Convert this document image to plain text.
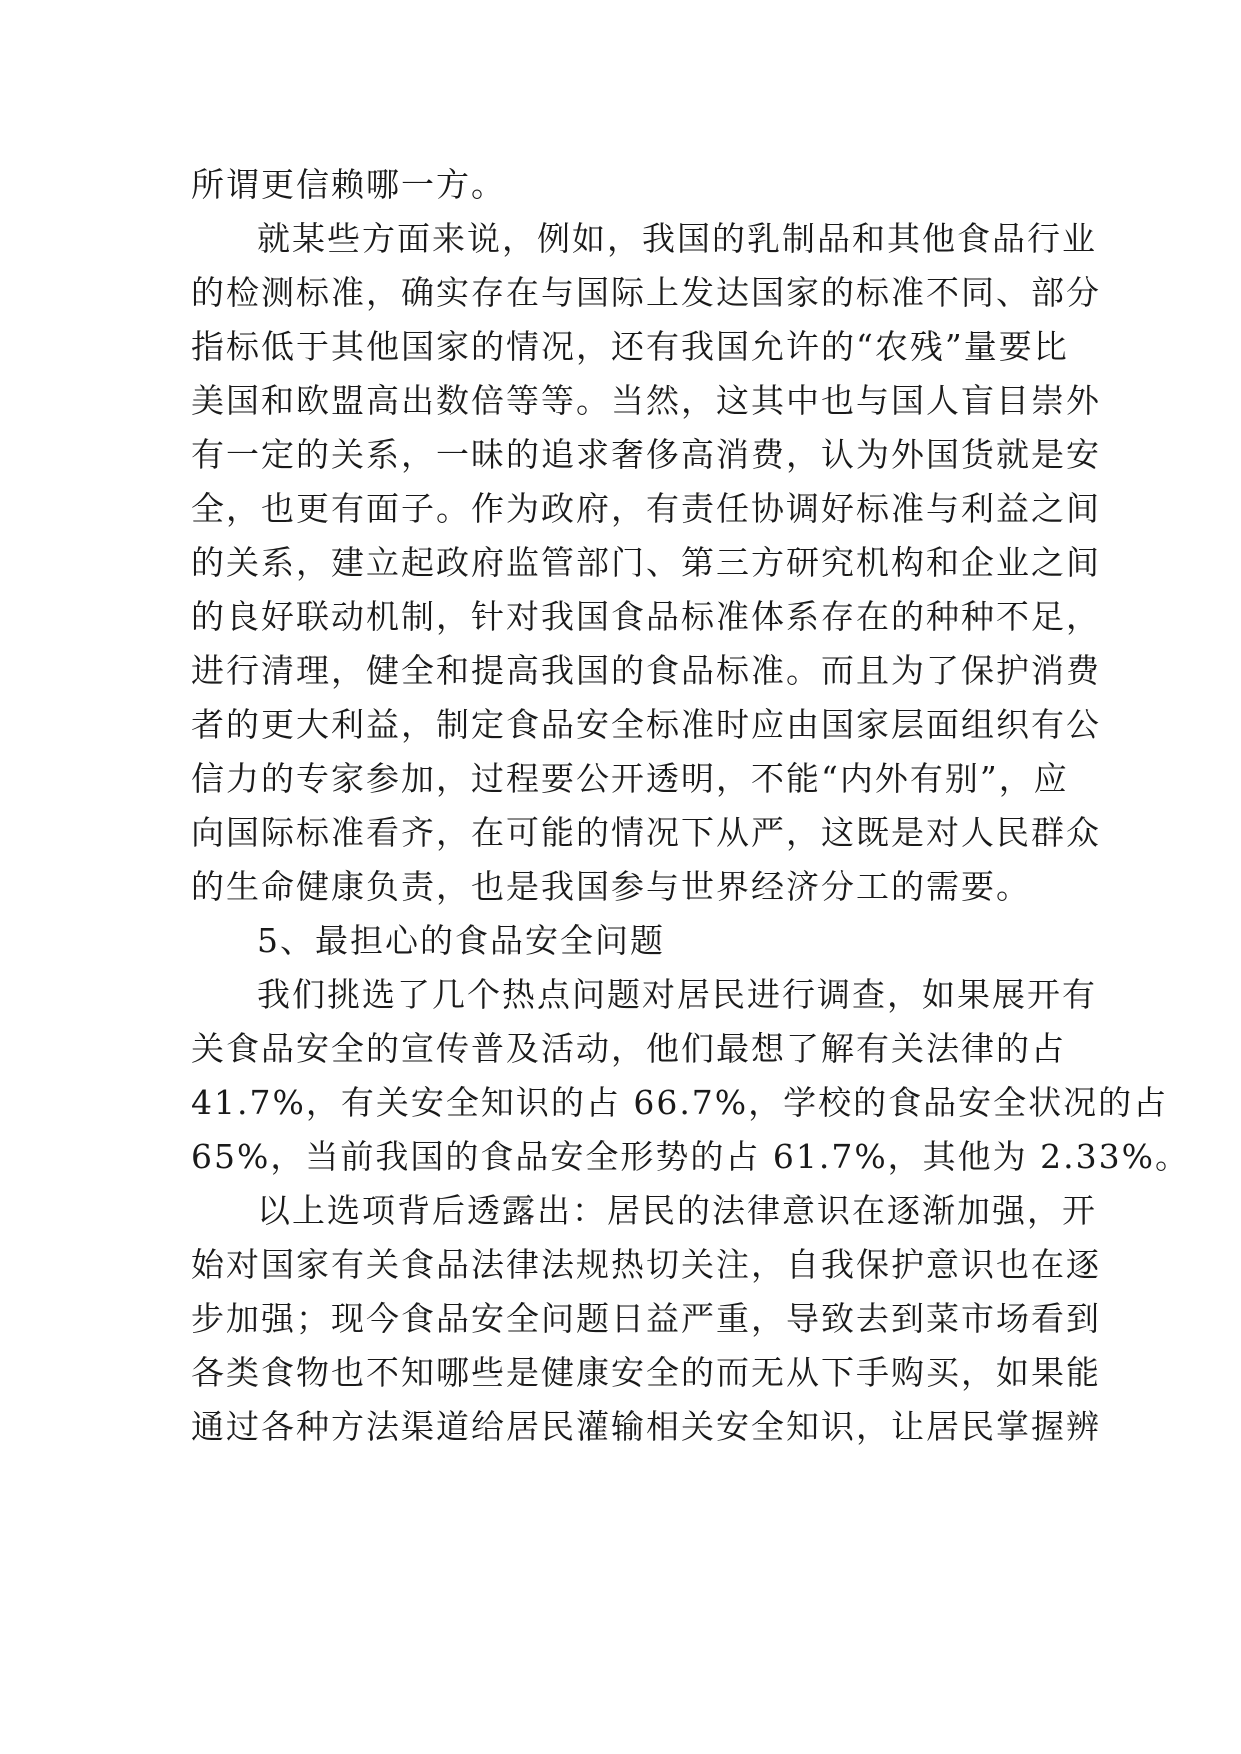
所谓更信赖哪一方。
就某些方面来说，例如，我国的乳制品和其他食品行业
的检测标准，确实存在与国际上发达国家的标准不同、部分
指标低于其他国家的情况，还有我国允许的“农残”量要比
美国和欧盟高出数倍等等。当然，这其中也与国人盲目崇外
有一定的关系，一昧的追求奢侈高消费，认为外国货就是安
全，也更有面子。作为政府，有责任协调好标准与利益之间
的关系，建立起政府监管部门、第三方研究机构和企业之间
的良好联动机制，针对我国食品标准体系存在的种种不足，
进行清理，健全和提高我国的食品标准。而且为了保护消费
者的更大利益，制定食品安全标准时应由国家层面组织有公
信力的专家参加，过程要公开透明，不能“内外有别”，应
向国际标准看齐，在可能的情况下从严，这既是对人民群众
的生命健康负责，也是我国参与世界经济分工的需要。
5、最担心的食品安全问题
我们挑选了几个热点问题对居民进行调查，如果展开有
关食品安全的宣传普及活动，他们最想了解有关法律的占
41.7%，有关安全知识的占 66.7%，学校的食品安全状况的占
65%，当前我国的食品安全形势的占 61.7%，其他为 2.33%。
以上选项背后透露出：居民的法律意识在逐渐加强，开
始对国家有关食品法律法规热切关注，自我保护意识也在逐
步加强；现今食品安全问题日益严重，导致去到菜市场看到
各类食物也不知哪些是健康安全的而无从下手购买，如果能
通过各种方法渠道给居民灌输相关安全知识，让居民掌握辨
